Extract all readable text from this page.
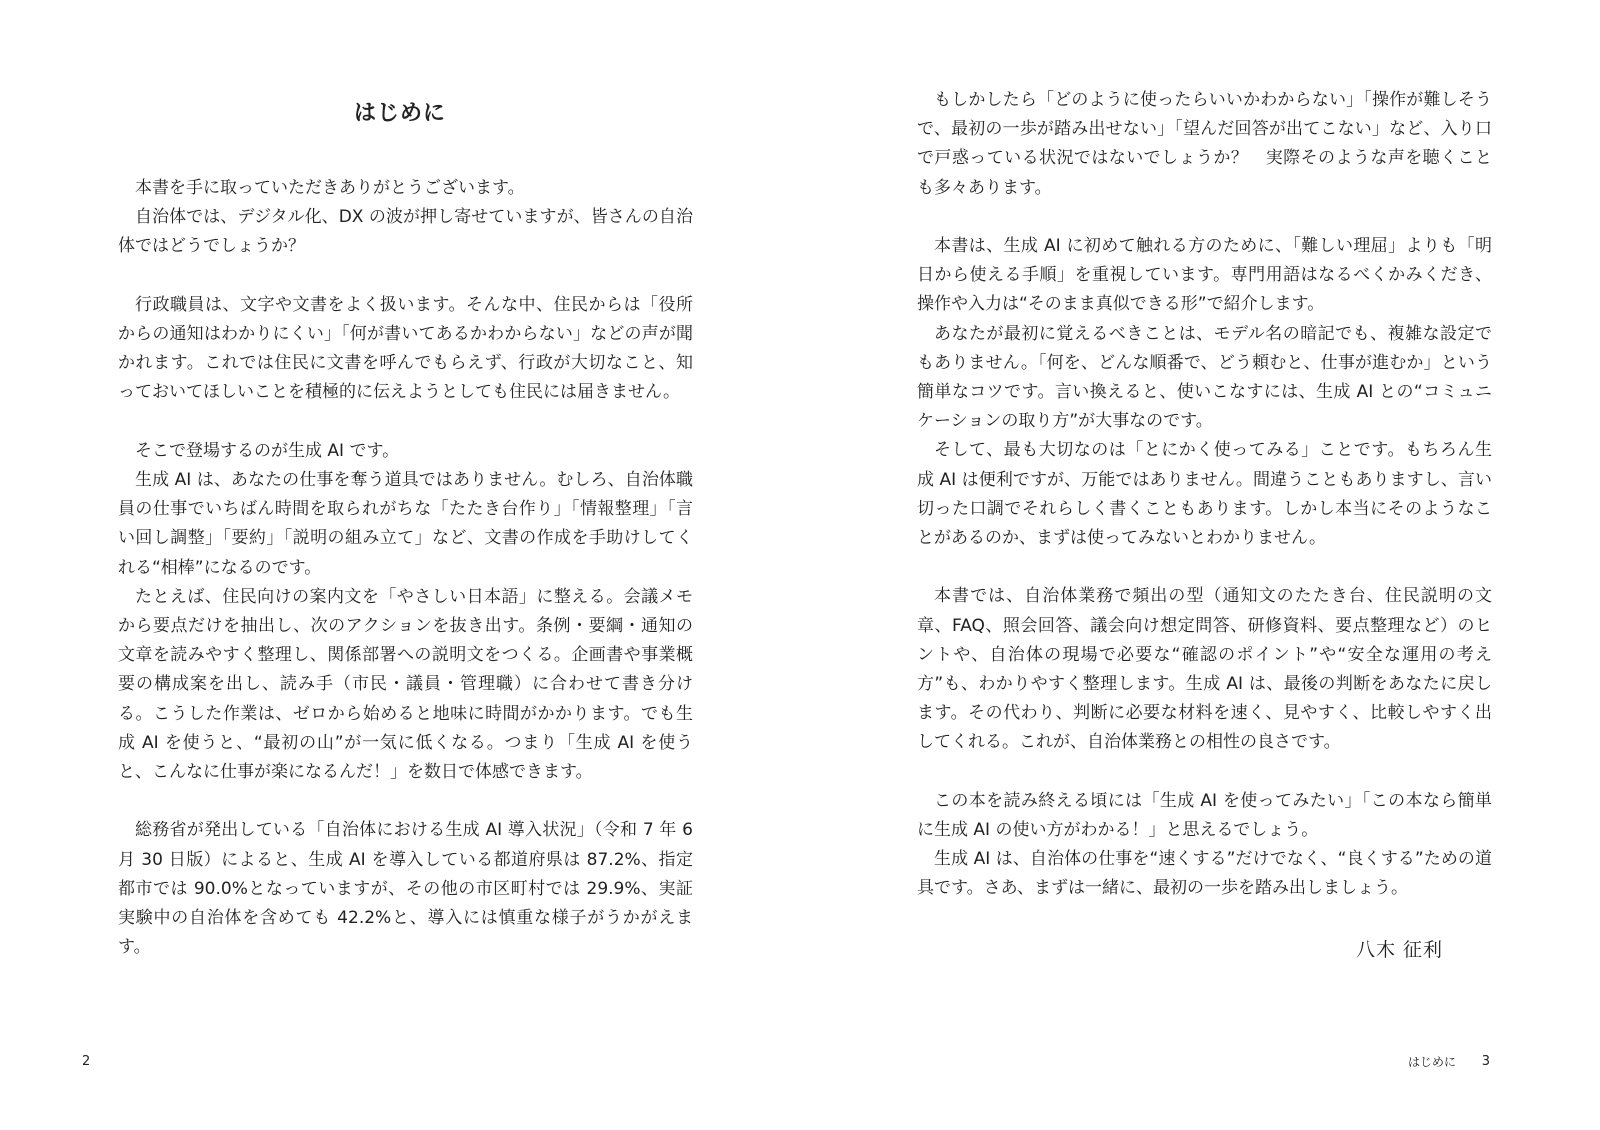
はじめに

本書を手に取っていただきありがとうございます。

自治体では、デジタル化、DX の波が押し寄せていますが、皆さんの自治体ではどうでしょうか？

行政職員は、文字や文書をよく扱います。そんな中、住民からは「役所からの通知はわかりにくい」「何が書いてあるかわからない」などの声が聞かれます。これでは住民に文書を呼んでもらえず、行政が大切なこと、知っておいてほしいことを積極的に伝えようとしても住民には届きません。

そこで登場するのが生成 AI です。

生成 AI は、あなたの仕事を奪う道具ではありません。むしろ、自治体職員の仕事でいちばん時間を取られがちな「たたき台作り」「情報整理」「言い回し調整」「要約」「説明の組み立て」など、文書の作成を手助けしてくれる“相棒”になるのです。

たとえば、住民向けの案内文を「やさしい日本語」に整える。会議メモから要点だけを抽出し、次のアクションを抜き出す。条例・要綱・通知の文章を読みやすく整理し、関係部署への説明文をつくる。企画書や事業概要の構成案を出し、読み手（市民・議員・管理職）に合わせて書き分ける。こうした作業は、ゼロから始めると地味に時間がかかります。でも生成 AI を使うと、“最初の山”が一気に低くなる。つまり「生成 AI を使うと、こんなに仕事が楽になるんだ！」を数日で体感できます。

総務省が発出している「自治体における生成 AI 導入状況」（令和 7 年 6 月 30 日版）によると、生成 AI を導入している都道府県は 87.2%、指定都市では 90.0%となっていますが、その他の市区町村では 29.9%、実証実験中の自治体を含めても 42.2%と、導入には慎重な様子がうかがえます。

2

もしかしたら「どのように使ったらいいかわからない」「操作が難しそうで、最初の一歩が踏み出せない」「望んだ回答が出てこない」など、入り口で戸惑っている状況ではないでしょうか？　実際そのような声を聴くことも多々あります。

本書は、生成 AI に初めて触れる方のために、「難しい理屈」よりも「明日から使える手順」を重視しています。専門用語はなるべくかみくだき、操作や入力は“そのまま真似できる形”で紹介します。

あなたが最初に覚えるべきことは、モデル名の暗記でも、複雑な設定でもありません。「何を、どんな順番で、どう頼むと、仕事が進むか」という簡単なコツです。言い換えると、使いこなすには、生成 AI との“コミュニケーションの取り方”が大事なのです。

そして、最も大切なのは「とにかく使ってみる」ことです。もちろん生成 AI は便利ですが、万能ではありません。間違うこともありますし、言い切った口調でそれらしく書くこともあります。しかし本当にそのようなことがあるのか、まずは使ってみないとわかりません。

本書では、自治体業務で頻出の型（通知文のたたき台、住民説明の文章、FAQ、照会回答、議会向け想定問答、研修資料、要点整理など）のヒントや、自治体の現場で必要な“確認のポイント”や“安全な運用の考え方”も、わかりやすく整理します。生成 AI は、最後の判断をあなたに戻します。その代わり、判断に必要な材料を速く、見やすく、比較しやすく出してくれる。これが、自治体業務との相性の良さです。

この本を読み終える頃には「生成 AI を使ってみたい」「この本なら簡単に生成 AI の使い方がわかる！」と思えるでしょう。

生成 AI は、自治体の仕事を“速くする”だけでなく、“良くする”ための道具です。さあ、まずは一緒に、最初の一歩を踏み出しましょう。

八木 征利

はじめに 3
